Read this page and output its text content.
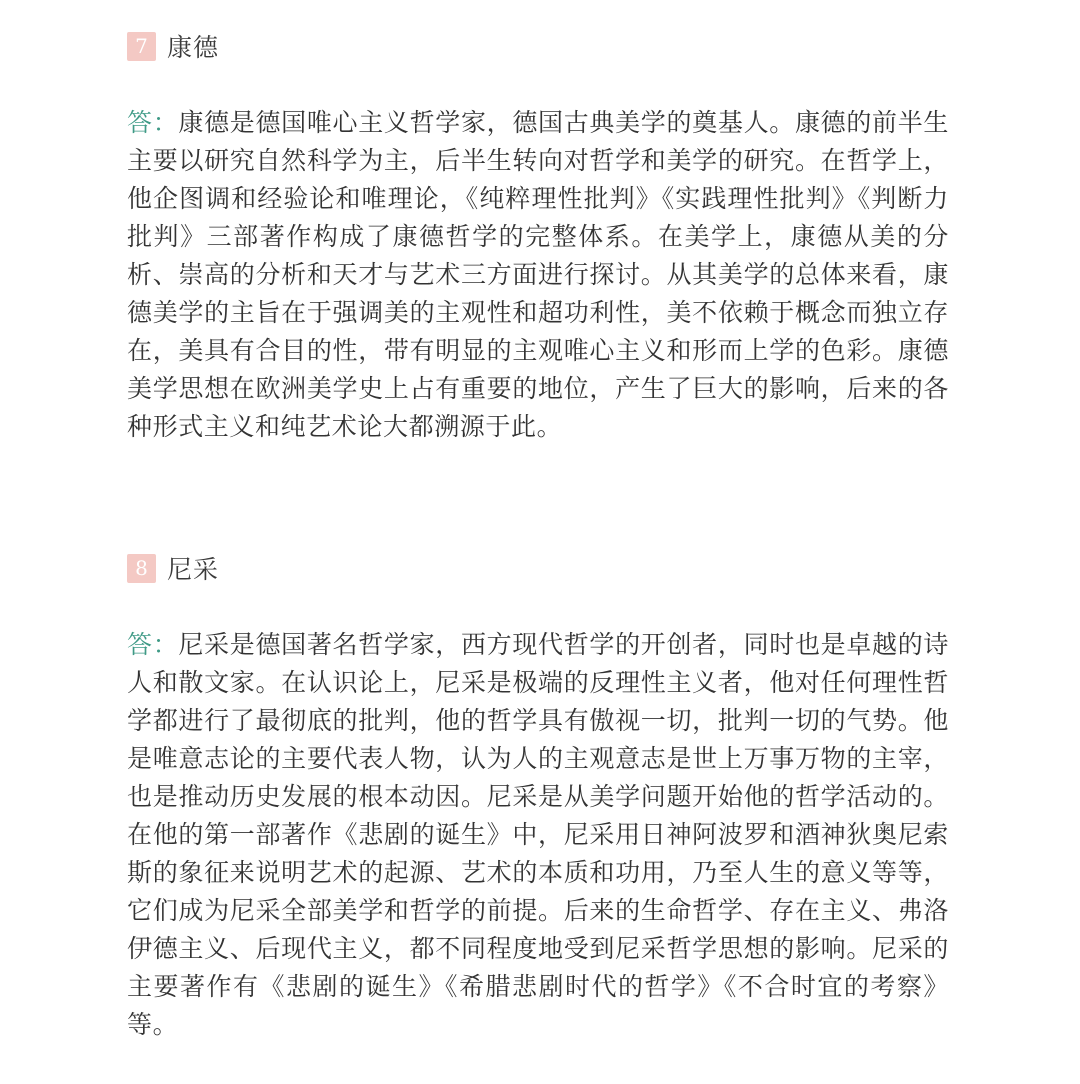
7 康德
答：康德是德国唯心主义哲学家，德国古典美学的奠基人。康德的前半生主要以研究自然科学为主，后半生转向对哲学和美学的研究。在哲学上，他企图调和经验论和唯理论，《纯粹理性批判》《实践理性批判》《判断力批判》三部著作构成了康德哲学的完整体系。在美学上，康德从美的分析、崇高的分析和天才与艺术三方面进行探讨。从其美学的总体来看，康德美学的主旨在于强调美的主观性和超功利性，美不依赖于概念而独立存在，美具有合目的性，带有明显的主观唯心主义和形而上学的色彩。康德美学思想在欧洲美学史上占有重要的地位，产生了巨大的影响，后来的各种形式主义和纯艺术论大都溯源于此。
8 尼采
答：尼采是德国著名哲学家，西方现代哲学的开创者，同时也是卓越的诗人和散文家。在认识论上，尼采是极端的反理性主义者，他对任何理性哲学都进行了最彻底的批判，他的哲学具有傲视一切，批判一切的气势。他是唯意志论的主要代表人物，认为人的主观意志是世上万事万物的主宰，也是推动历史发展的根本动因。尼采是从美学问题开始他的哲学活动的。在他的第一部著作《悲剧的诞生》中，尼采用日神阿波罗和酒神狄奥尼索斯的象征来说明艺术的起源、艺术的本质和功用，乃至人生的意义等等，它们成为尼采全部美学和哲学的前提。后来的生命哲学、存在主义、弗洛伊德主义、后现代主义，都不同程度地受到尼采哲学思想的影响。尼采的主要著作有《悲剧的诞生》《希腊悲剧时代的哲学》《不合时宜的考察》等。
